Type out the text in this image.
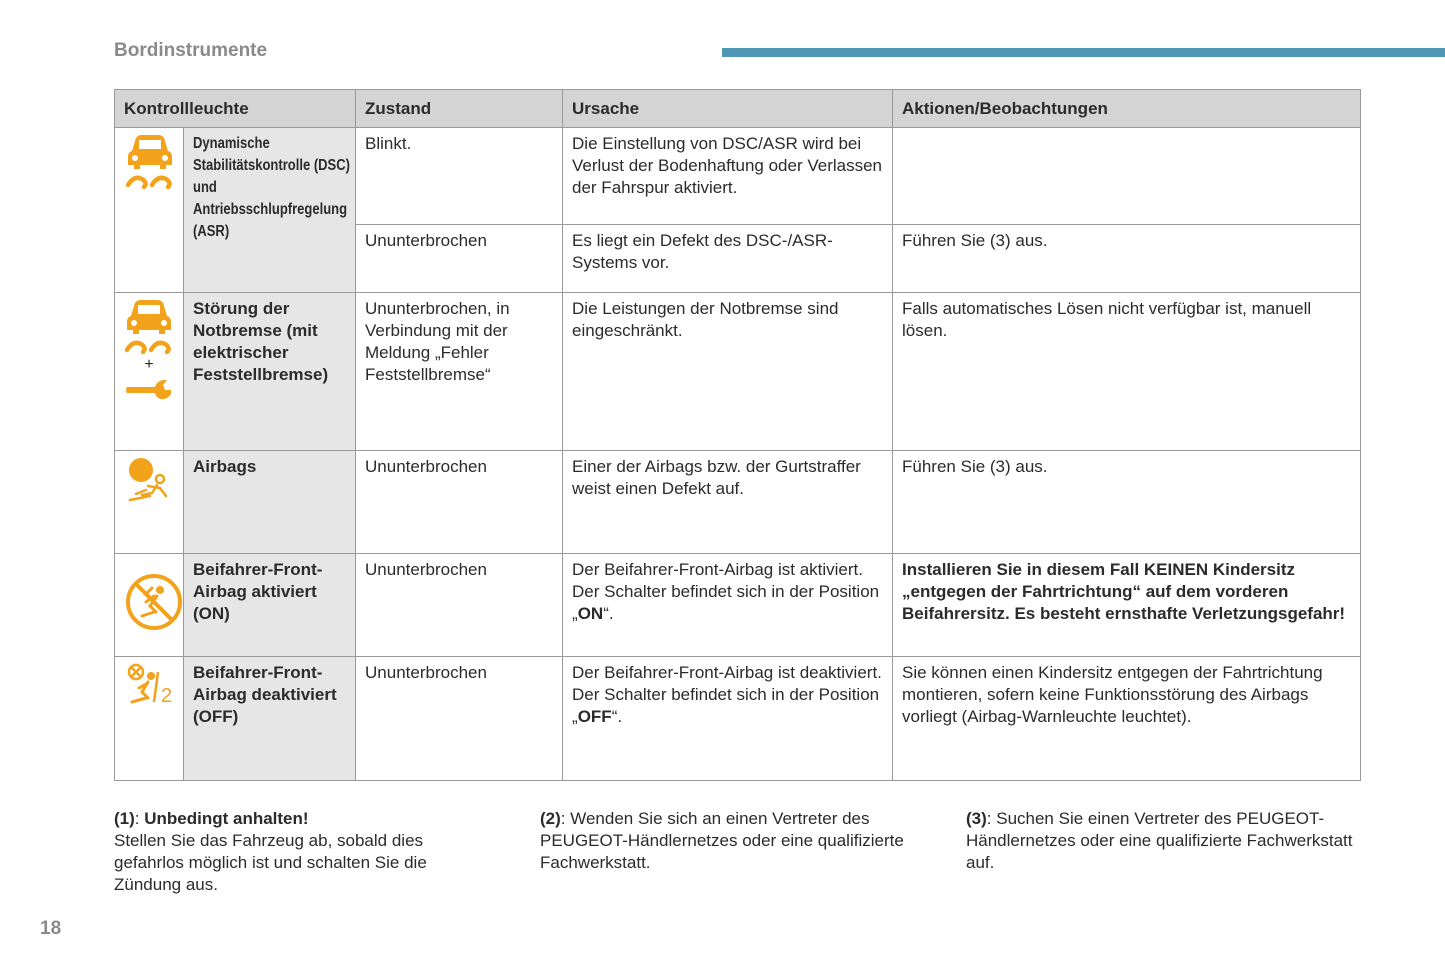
Bordinstrumente
Kontrollleuchte		Zustand	Ursache	Aktionen/Beobachtungen
	Dynamische Stabilitätskontrolle (DSC) und Antriebsschlupfregelung (ASR)	Blinkt.	Die Einstellung von DSC/ASR wird bei Verlust der Bodenhaftung oder Verlassen der Fahrspur aktiviert.	
		Ununterbrochen	Es liegt ein Defekt des DSC-/ASR-Systems vor.	Führen Sie (3) aus.

+	Störung der Notbremse (mit elektrischer Feststellbremse)	Ununterbrochen, in Verbindung mit der Meldung „Fehler Feststellbremse“	Die Leistungen der Notbremse sind eingeschränkt.	Falls automatisches Lösen nicht verfügbar ist, manuell lösen.
	Airbags	Ununterbrochen	Einer der Airbags bzw. der Gurtstraffer weist einen Defekt auf.	Führen Sie (3) aus.
	Beifahrer-Front-Airbag aktiviert (ON)	Ununterbrochen	Der Beifahrer-Front-Airbag ist aktiviert.
Der Schalter befindet sich in der Position „ON“.	Installieren Sie in diesem Fall KEINEN Kindersitz „entgegen der Fahrtrichtung“ auf dem vorderen Beifahrersitz. Es besteht ernsthafte Verletzungsgefahr!

2	Beifahrer-Front-Airbag deaktiviert (OFF)	Ununterbrochen	Der Beifahrer-Front-Airbag ist deaktiviert.
Der Schalter befindet sich in der Position „OFF“.	Sie können einen Kindersitz entgegen der Fahrtrichtung montieren, sofern keine Funktionsstörung des Airbags vorliegt (Airbag-Warnleuchte leuchtet).
(1): Unbedingt anhalten!
Stellen Sie das Fahrzeug ab, sobald dies gefahrlos möglich ist und schalten Sie die Zündung aus.
(2): Wenden Sie sich an einen Vertreter des PEUGEOT-Händlernetzes oder eine qualifizierte Fachwerkstatt.
(3): Suchen Sie einen Vertreter des PEUGEOT-Händlernetzes oder eine qualifizierte Fachwerkstatt auf.
18
